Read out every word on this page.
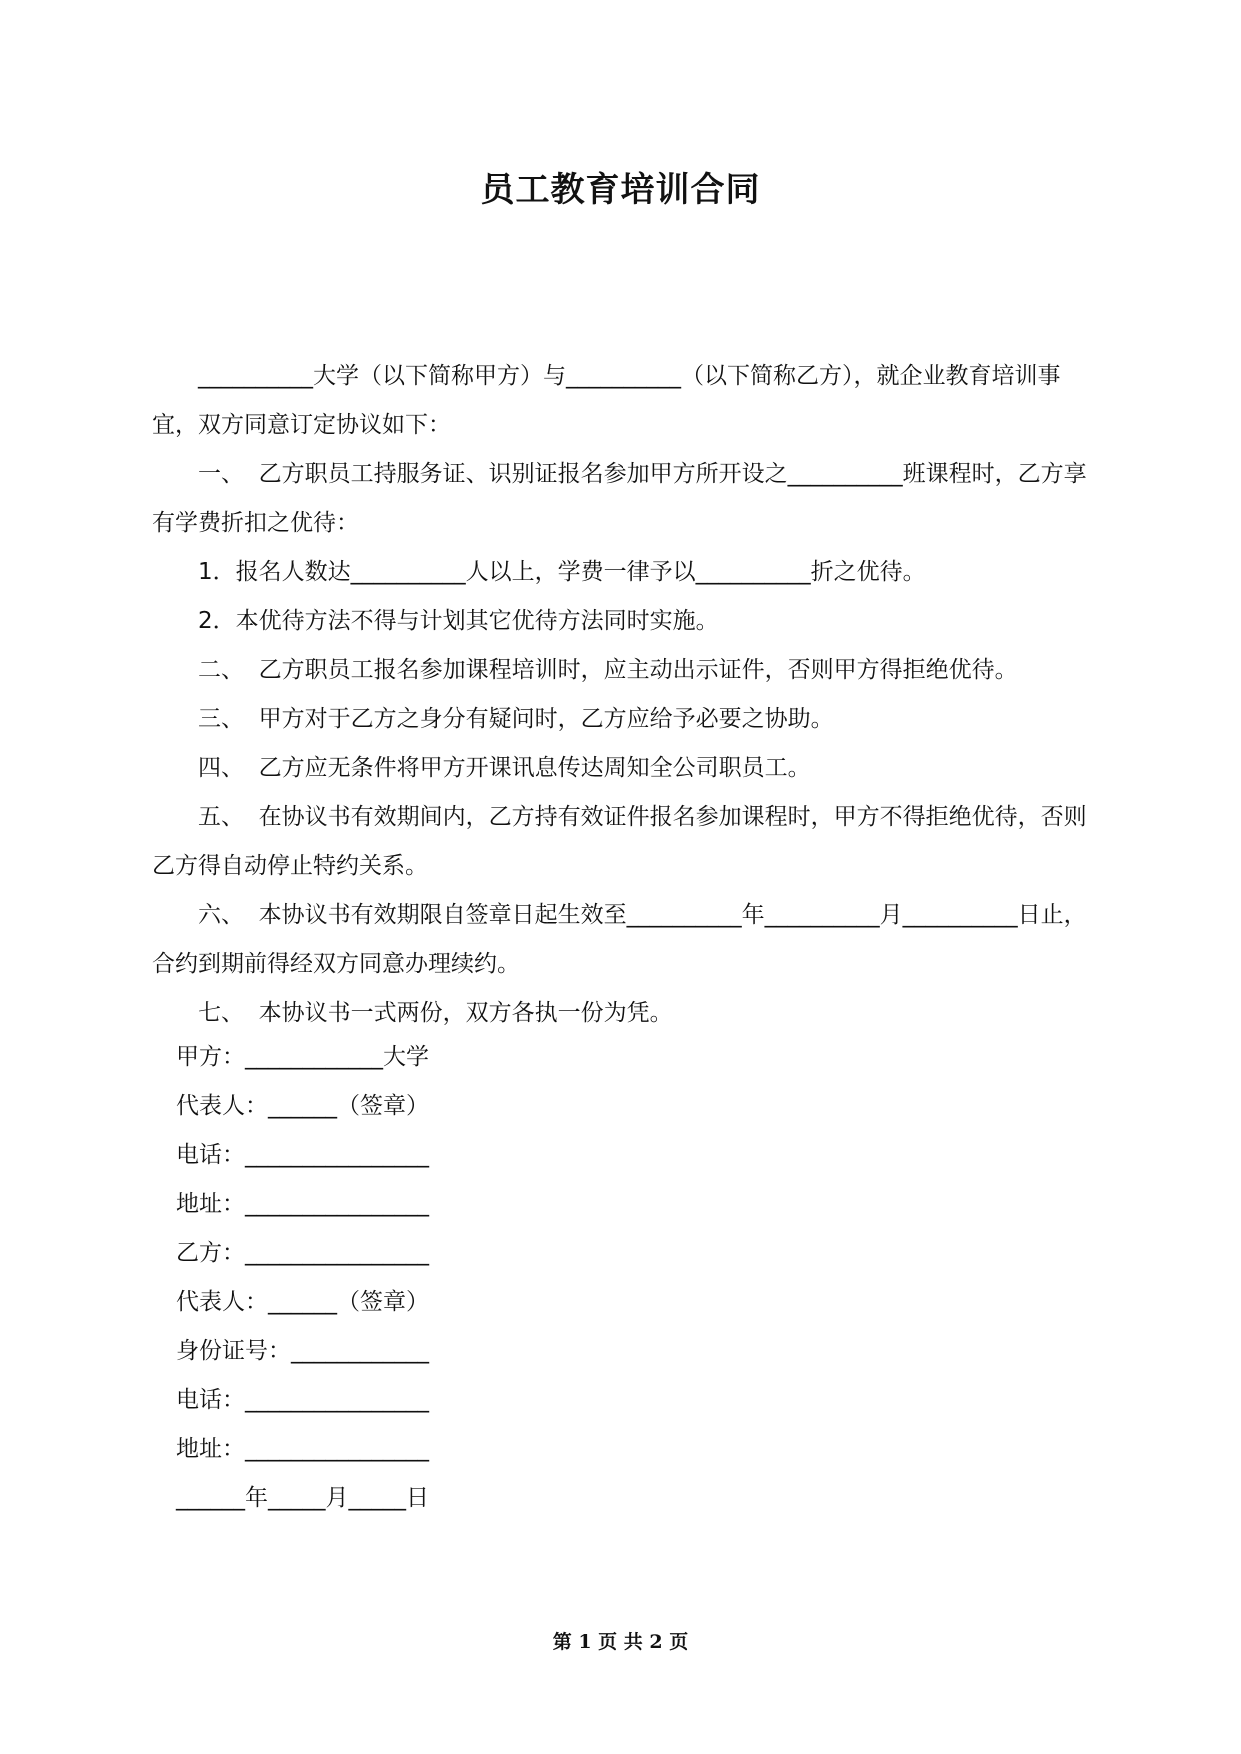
员工教育培训合同

__________大学（以下简称甲方）与__________（以下简称乙方），就企业教育培训事宜，双方同意订定协议如下：

一、  乙方职员工持服务证、识别证报名参加甲方所开设之__________班课程时，乙方享有学费折扣之优待：

1．报名人数达__________人以上，学费一律予以__________折之优待。

2．本优待方法不得与计划其它优待方法同时实施。

二、  乙方职员工报名参加课程培训时，应主动出示证件，否则甲方得拒绝优待。

三、  甲方对于乙方之身分有疑问时，乙方应给予必要之协助。

四、  乙方应无条件将甲方开课讯息传达周知全公司职员工。

五、  在协议书有效期间内，乙方持有效证件报名参加课程时，甲方不得拒绝优待，否则乙方得自动停止特约关系。

六、  本协议书有效期限自签章日起生效至__________年__________月__________日止，合约到期前得经双方同意办理续约。

七、  本协议书一式两份，双方各执一份为凭。

甲方：____________大学

代表人：______（签章）

电话：________________

地址：________________

乙方：________________

代表人：______（签章）

身份证号：____________

电话：________________

地址：________________

______年_____月_____日

第 1 页 共 2 页
